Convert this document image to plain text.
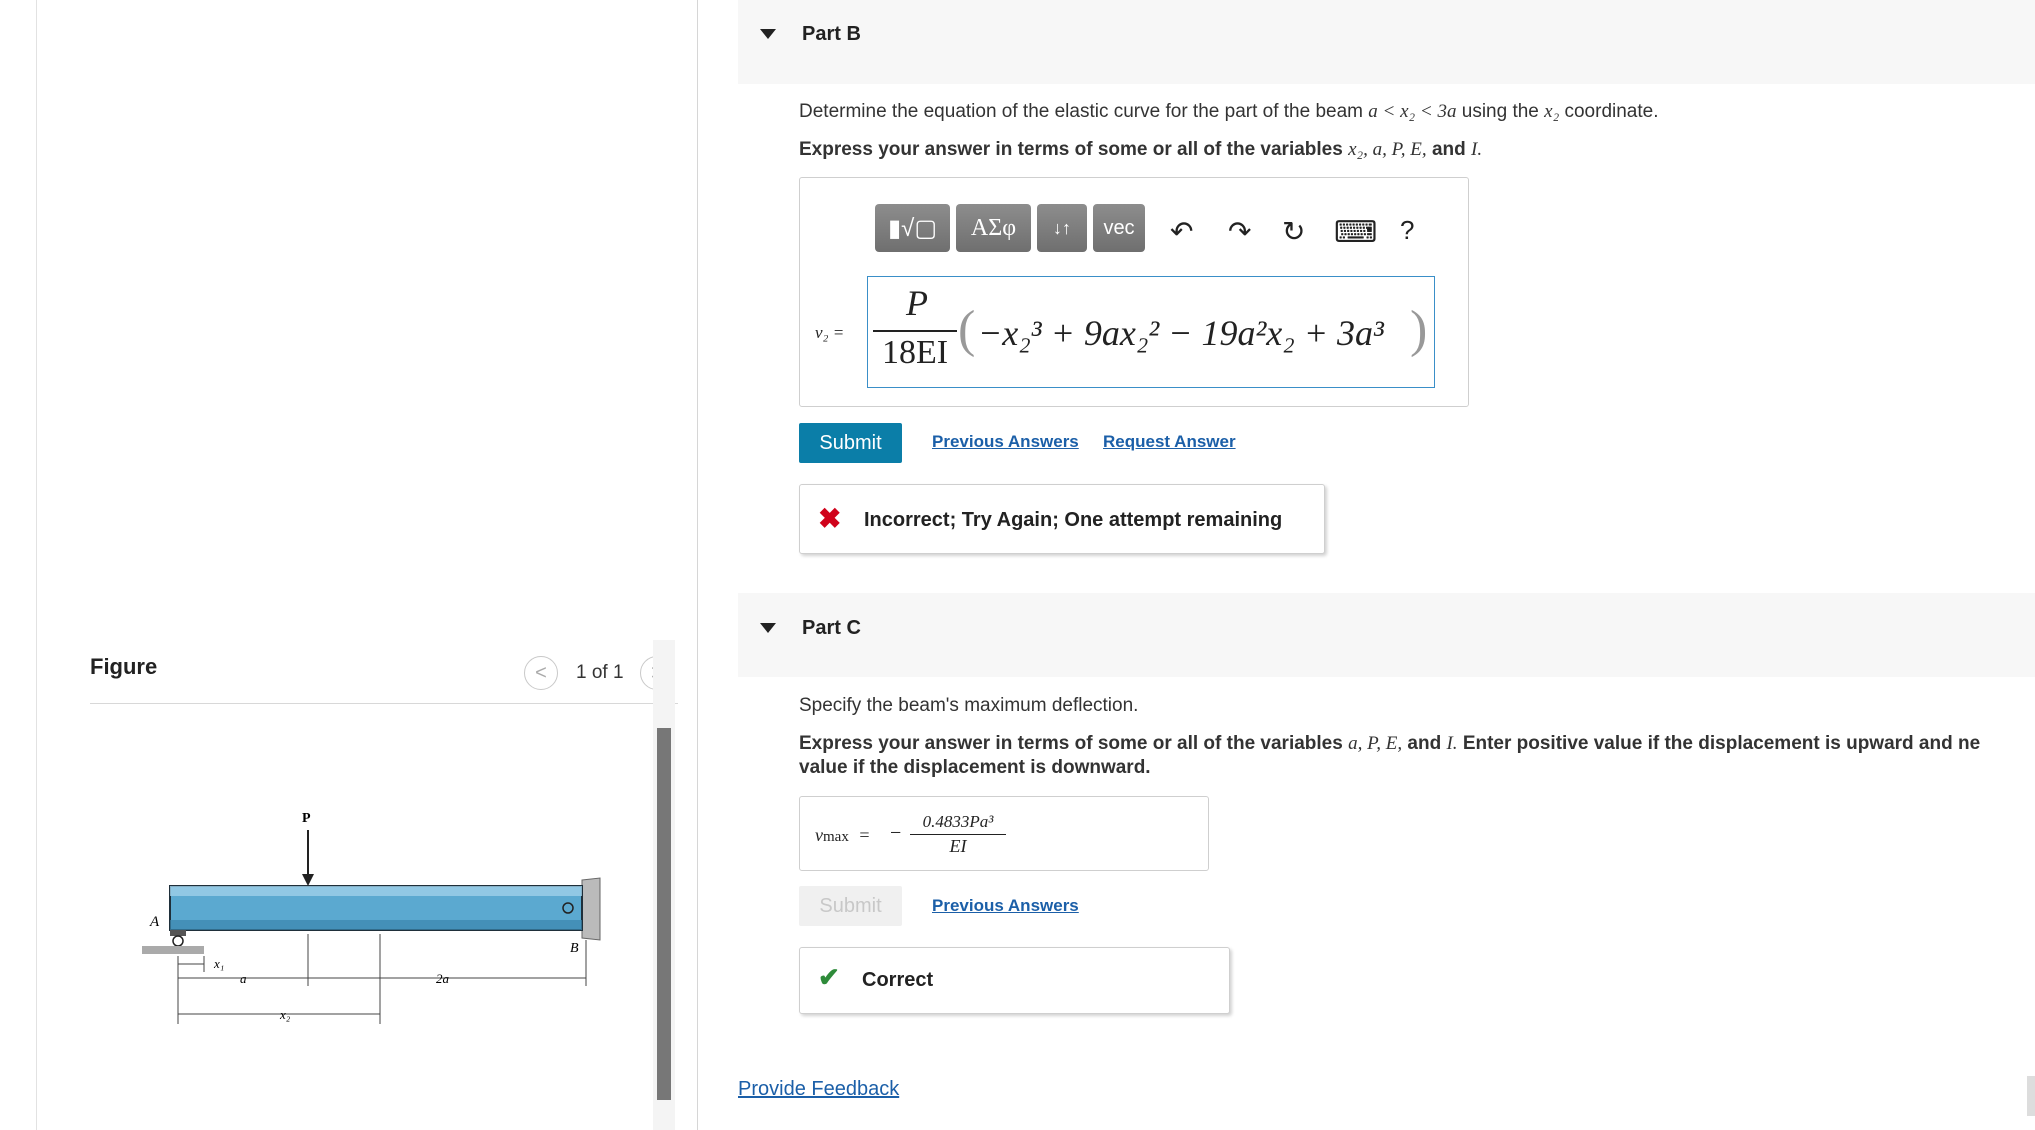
Figure	< 1 of 1
P
A
B
x₁
a	2a
x₂
Part B
Determine the equation of the elastic curve for the part of the beam a < x₂ < 3a using the x₂ coordinate.
Express your answer in terms of some or all of the variables x₂, a, P, E, and I.
▮√▢ ΑΣφ ↓↑ vec ↶ ↷ ↻ ⌨ ?
v₂ =
P
18EI ( −x₂³ + 9ax₂² − 19a²x₂ + 3a³ )
Submit	Previous Answers Request Answer
✖ Incorrect; Try Again; One attempt remaining
Part C
Specify the beam's maximum deflection.
Express your answer in terms of some or all of the variables a, P, E, and I. Enter positive value if the displacement is upward and ne
value if the displacement is downward.
vmax = −
0.4833Pa³
EI
Submit	Previous Answers
✔ Correct
Provide Feedback
